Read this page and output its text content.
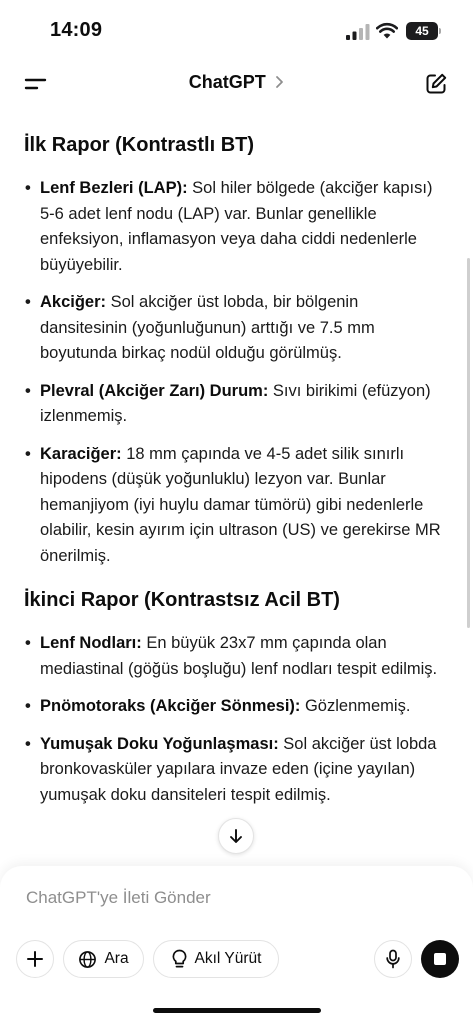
14:09	45
ChatGPT
İlk Rapor (Kontrastlı BT)
• Lenf Bezleri (LAP): Sol hiler bölgede (akciğer kapısı) 5-6 adet lenf nodu (LAP) var. Bunlar genellikle enfeksiyon, inflamasyon veya daha ciddi nedenlerle büyüyebilir.
• Akciğer: Sol akciğer üst lobda, bir bölgenin dansitesinin (yoğunluğunun) arttığı ve 7.5 mm boyutunda birkaç nodül olduğu görülmüş.
• Plevral (Akciğer Zarı) Durum: Sıvı birikimi (efüzyon) izlenmemiş.
• Karaciğer: 18 mm çapında ve 4-5 adet silik sınırlı hipodens (düşük yoğunluklu) lezyon var. Bunlar hemanjiyom (iyi huylu damar tümörü) gibi nedenlerle olabilir, kesin ayırım için ultrason (US) ve gerekirse MR önerilmiş.
İkinci Rapor (Kontrastsız Acil BT)
• Lenf Nodları: En büyük 23x7 mm çapında olan mediastinal (göğüs boşluğu) lenf nodları tespit edilmiş.
• Pnömotoraks (Akciğer Sönmesi): Gözlenmemiş.
• Yumuşak Doku Yoğunlaşması: Sol akciğer üst lobda bronkovasküler yapılara invaze eden (içine yayılan) yumuşak doku dansiteleri tespit edilmiş.
ChatGPT'ye İleti Gönder
Ara	Akıl Yürüt
